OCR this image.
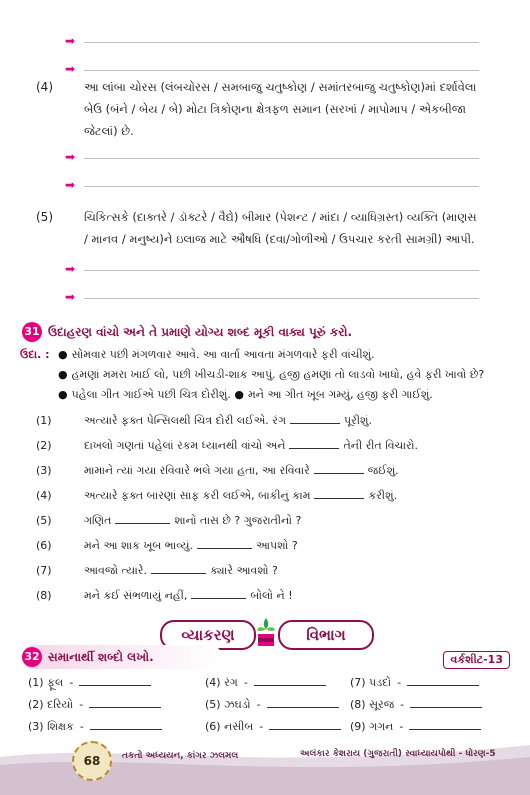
➡
➡
(4)	આ લાંબા ચોરસ (લંબચોરસ / સમબાજુ ચતુષ્કોણ / સમાંતરબાજુ ચતુષ્કોણ)માં દર્શાવેલા બેઉ (બંને / બેય / બે) મોટા ત્રિકોણના ક્ષેત્રફળ સમાન (સરખાં / માપોમાપ / એકબીજા જેટલાં) છે.
➡
➡
(5)	ચિકિત્સકે (દાક્તરે / ડૉક્ટરે / વૈદ્યે) બીમાર (પેશન્ટ / માંદા / વ્યાધિગ્રસ્ત) વ્યક્તિ (માણસ / માનવ / મનુષ્ય)ને ઇલાજ માટે ઔષધિ (દવા/ગોળીઓ / ઉપચાર કરતી સામગ્રી) આપી.
➡
➡
31 ઉદાહરણ વાંચો અને તે પ્રમાણે યોગ્ય શબ્દ મૂકી વાક્ય પૂરું કરો.
ઉદા. : ● સોમવાર પછી મંગળવાર આવે. આ વાર્તા આવતા મંગળવારે ફરી વાંચીશું.
● હમણાં મમરા ખાઈ લો, પછી ખીચડી-શાક આપું. હજી હમણાં તો લાડવો ખાધો, હવે ફરી ખાવો છે?
● પહેલા ગીત ગાઈએ પછી ચિત્ર દોરીશું. ● મને આ ગીત ખૂબ ગમ્યું, હજી ફરી ગાઈશું.
(1)	અત્યારે ફક્ત પેન્સિલથી ચિત્ર દોરી લઈએ. રંગ	પૂરીશું.
(2)	દાખલો ગણતાં પહેલાં રકમ ધ્યાનથી વાંચો અને	તેની રીત વિચારો.
(3)	મામાને ત્યાં ગયા રવિવારે ભલે ગયા હતા, આ રવિવારે	જઈશું.
(4)	અત્યારે ફક્ત બારણાં સાફ કરી લઈએ, બાકીનું કામ	કરીશું.
(5)	ગણિત	શાનો તાસ છે ? ગુજરાતીનો ?
(6)	મને આ શાક ખૂબ ભાવ્યું.	આપશો ?
(7)	આવજો ત્યારે.	ક્યારે આવશો ?
(8)	મને કંઈ સંભળાયું નહીં,	બોલો ને !
વ્યાકરણ	વિભાગ
32 સમાનાર્થી શબ્દો લખો.	વર્કશીટ-13
(1) ફૂલ -	(4) રંગ -	(7) પડદો -
(2) દરિયો -	(5) ઝઘડો -	(8) સૂરજ -
(3) શિક્ષક -	(6) નસીબ -	(9) ગગન -
68	તકતો અધ્યયન, કાંગર ઝલમલ	અલંકાર કેશરાય (ગુજરાતી) સ્વાધ્યાયપોથી - ધોરણ-5
